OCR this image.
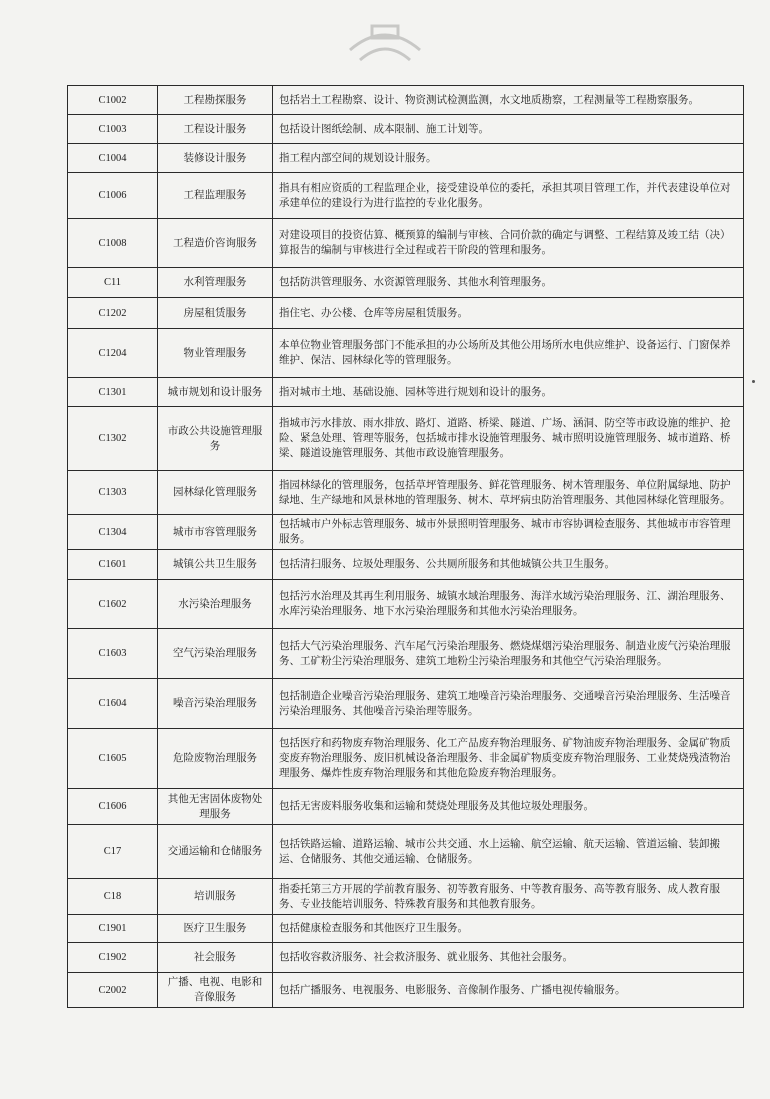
C1002	工程勘探服务	包括岩土工程勘察、设计、物资测试检测监测，水文地质勘察，工程测量等工程勘察服务。
C1003	工程设计服务	包括设计图纸绘制、成本限制、施工计划等。
C1004	装修设计服务	指工程内部空间的规划设计服务。
C1006	工程监理服务	指具有相应资质的工程监理企业，接受建设单位的委托，承担其项目管理工作，并代表建设单位对承建单位的建设行为进行监控的专业化服务。
C1008	工程造价咨询服务	对建设项目的投资估算、概预算的编制与审核、合同价款的确定与调整、工程结算及竣工结（决）算报告的编制与审核进行全过程或若干阶段的管理和服务。
C11	水利管理服务	包括防洪管理服务、水资源管理服务、其他水利管理服务。
C1202	房屋租赁服务	指住宅、办公楼、仓库等房屋租赁服务。
C1204	物业管理服务	本单位物业管理服务部门不能承担的办公场所及其他公用场所水电供应维护、设备运行、门窗保养维护、保洁、园林绿化等的管理服务。
C1301	城市规划和设计服务	指对城市土地、基础设施、园林等进行规划和设计的服务。
C1302	市政公共设施管理服务	指城市污水排放、雨水排放、路灯、道路、桥梁、隧道、广场、涵洞、防空等市政设施的维护、抢险、紧急处理、管理等服务，包括城市排水设施管理服务、城市照明设施管理服务、城市道路、桥梁、隧道设施管理服务、其他市政设施管理服务。
C1303	园林绿化管理服务	指园林绿化的管理服务，包括草坪管理服务、鲜花管理服务、树木管理服务、单位附属绿地、防护绿地、生产绿地和风景林地的管理服务、树木、草坪病虫防治管理服务、其他园林绿化管理服务。
C1304	城市市容管理服务	包括城市户外标志管理服务、城市外景照明管理服务、城市市容协调检查服务、其他城市市容管理服务。
C1601	城镇公共卫生服务	包括清扫服务、垃圾处理服务、公共厕所服务和其他城镇公共卫生服务。
C1602	水污染治理服务	包括污水治理及其再生利用服务、城镇水域治理服务、海洋水域污染治理服务、江、湖治理服务、水库污染治理服务、地下水污染治理服务和其他水污染治理服务。
C1603	空气污染治理服务	包括大气污染治理服务、汽车尾气污染治理服务、燃烧煤烟污染治理服务、制造业废气污染治理服务、工矿粉尘污染治理服务、建筑工地粉尘污染治理服务和其他空气污染治理服务。
C1604	噪音污染治理服务	包括制造企业噪音污染治理服务、建筑工地噪音污染治理服务、交通噪音污染治理服务、生活噪音污染治理服务、其他噪音污染治理等服务。
C1605	危险废物治理服务	包括医疗和药物废弃物治理服务、化工产品废弃物治理服务、矿物油废弃物治理服务、金属矿物质变废弃物治理服务、废旧机械设备治理服务、非金属矿物质变废弃物治理服务、工业焚烧残渣物治理服务、爆炸性废弃物治理服务和其他危险废弃物治理服务。
C1606	其他无害固体废物处理服务	包括无害废料服务收集和运输和焚烧处理服务及其他垃圾处理服务。
C17	交通运输和仓储服务	包括铁路运输、道路运输、城市公共交通、水上运输、航空运输、航天运输、管道运输、装卸搬运、仓储服务、其他交通运输、仓储服务。
C18	培训服务	指委托第三方开展的学前教育服务、初等教育服务、中等教育服务、高等教育服务、成人教育服务、专业技能培训服务、特殊教育服务和其他教育服务。
C1901	医疗卫生服务	包括健康检查服务和其他医疗卫生服务。
C1902	社会服务	包括收容救济服务、社会救济服务、就业服务、其他社会服务。
C2002	广播、电视、电影和音像服务	包括广播服务、电视服务、电影服务、音像制作服务、广播电视传输服务。
